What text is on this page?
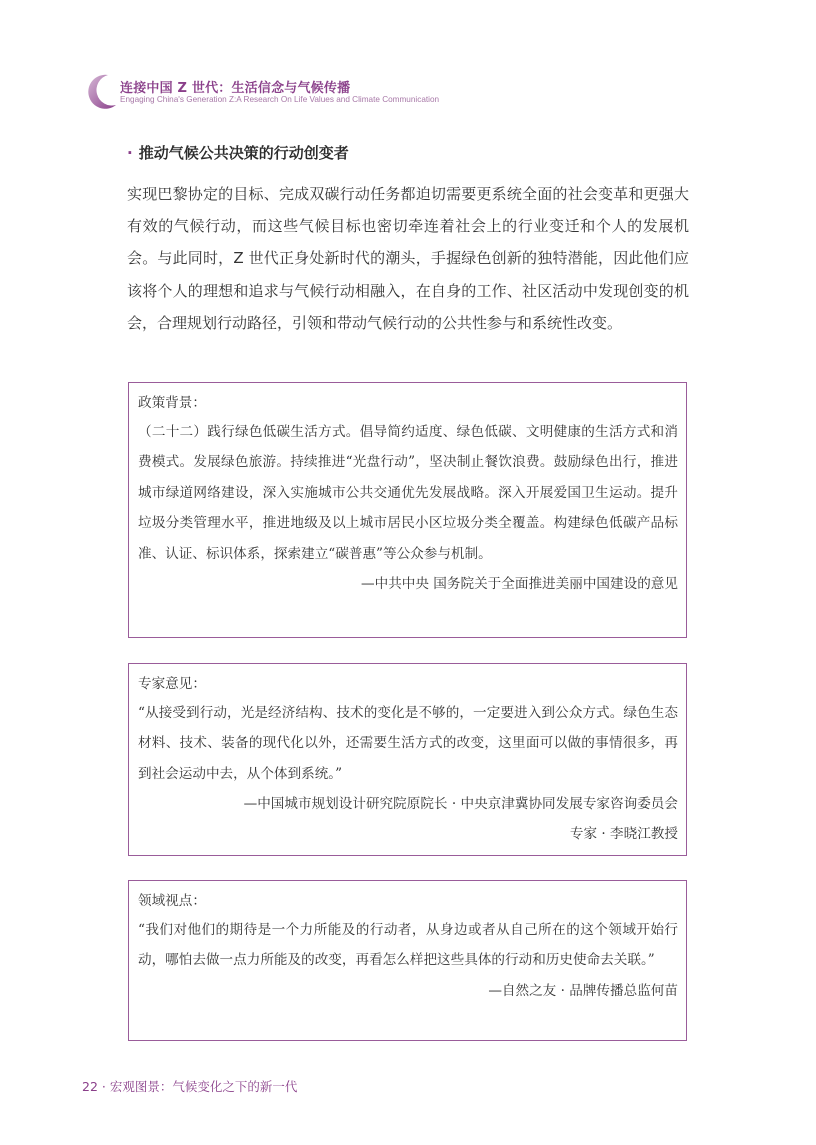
连接中国 Z 世代：生活信念与气候传播
Engaging China's Generation Z:A Research On Life Values and Climate Communication
· 推动气候公共决策的行动创变者
实现巴黎协定的目标、完成双碳行动任务都迫切需要更系统全面的社会变革和更强大有效的气候行动，而这些气候目标也密切牵连着社会上的行业变迁和个人的发展机会。与此同时，Z 世代正身处新时代的潮头，手握绿色创新的独特潜能，因此他们应该将个人的理想和追求与气候行动相融入，在自身的工作、社区活动中发现创变的机会，合理规划行动路径，引领和带动气候行动的公共性参与和系统性改变。
政策背景：
（二十二）践行绿色低碳生活方式。倡导简约适度、绿色低碳、文明健康的生活方式和消费模式。发展绿色旅游。持续推进“光盘行动”，坚决制止餐饮浪费。鼓励绿色出行，推进城市绿道网络建设，深入实施城市公共交通优先发展战略。深入开展爱国卫生运动。提升垃圾分类管理水平，推进地级及以上城市居民小区垃圾分类全覆盖。构建绿色低碳产品标准、认证、标识体系，探索建立“碳普惠”等公众参与机制。
—中共中央 国务院关于全面推进美丽中国建设的意见
专家意见：
“从接受到行动，光是经济结构、技术的变化是不够的，一定要进入到公众方式。绿色生态材料、技术、装备的现代化以外，还需要生活方式的改变，这里面可以做的事情很多，再到社会运动中去，从个体到系统。”
—中国城市规划设计研究院原院长 · 中央京津冀协同发展专家咨询委员会
专家 · 李晓江教授
领域视点：
“我们对他们的期待是一个力所能及的行动者，从身边或者从自己所在的这个领域开始行动，哪怕去做一点力所能及的改变，再看怎么样把这些具体的行动和历史使命去关联。”
—自然之友 · 品牌传播总监何苗
22 · 宏观图景：气候变化之下的新一代
